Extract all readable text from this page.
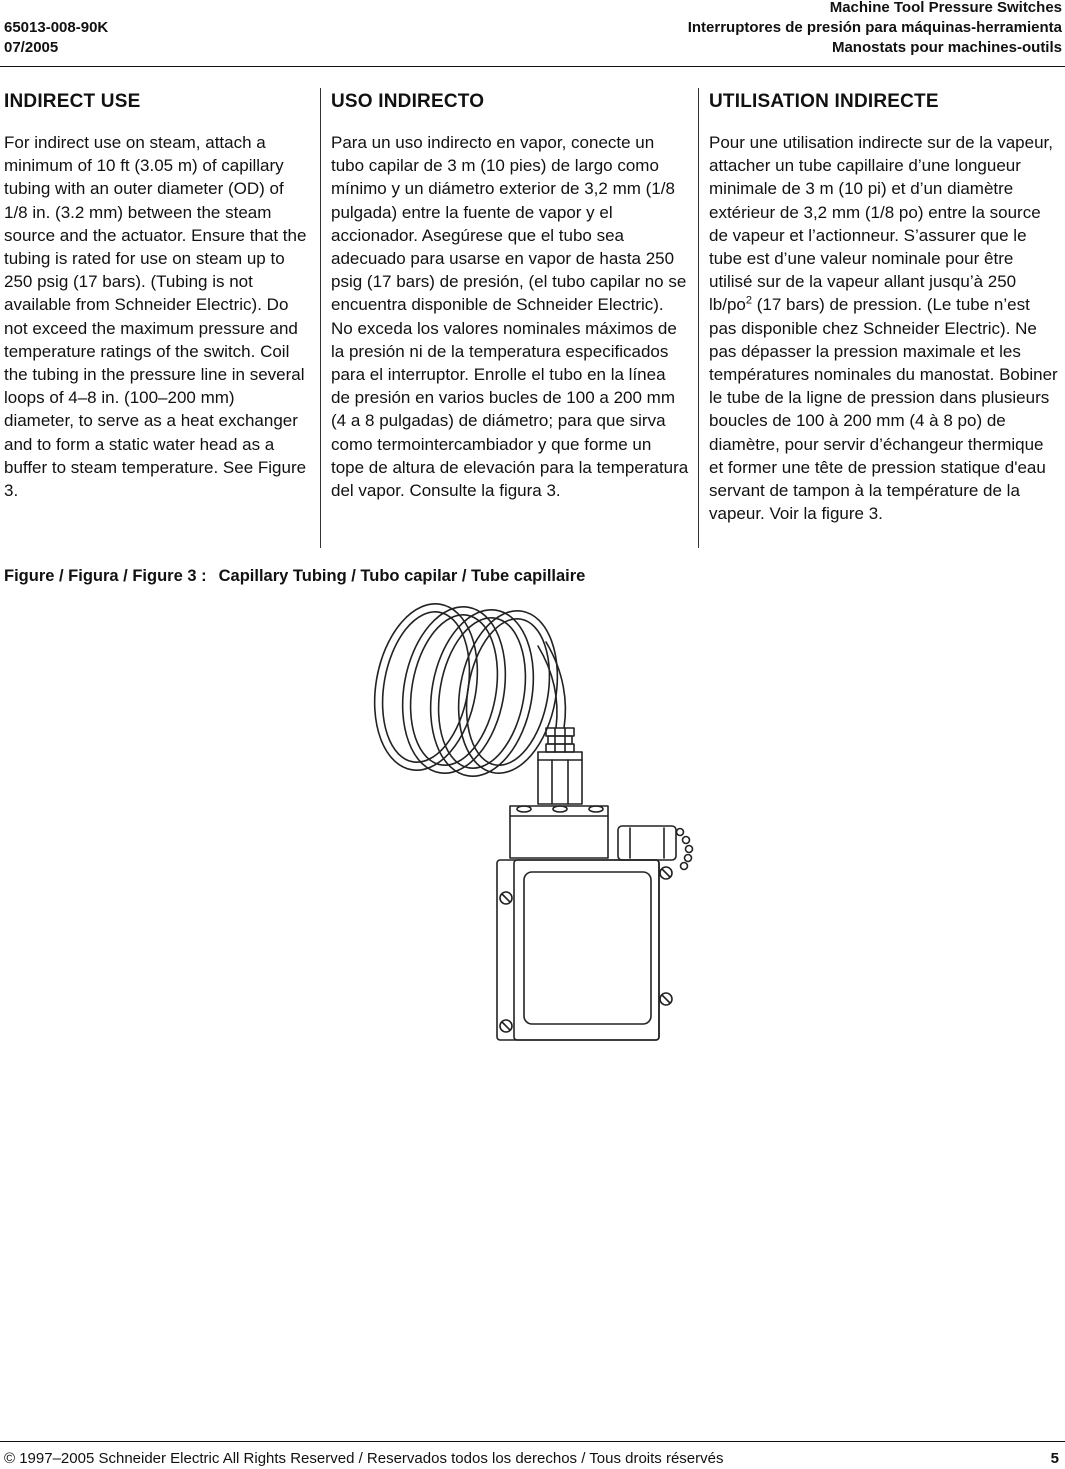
65013-008-90K
07/2005
Machine Tool Pressure Switches
Interruptores de presión para máquinas-herramienta
Manostats pour machines-outils
INDIRECT USE

For indirect use on steam, attach a minimum of 10 ft (3.05 m) of capillary tubing with an outer diameter (OD) of 1/8 in. (3.2 mm) between the steam source and the actuator. Ensure that the tubing is rated for use on steam up to 250 psig (17 bars). (Tubing is not available from Schneider Electric). Do not exceed the maximum pressure and temperature ratings of the switch. Coil the tubing in the pressure line in several loops of 4–8 in. (100–200 mm) diameter, to serve as a heat exchanger and to form a static water head as a buffer to steam temperature. See Figure 3.

USO INDIRECTO

Para un uso indirecto en vapor, conecte un tubo capilar de 3 m (10 pies) de largo como mínimo y un diámetro exterior de 3,2 mm (1/8 pulgada) entre la fuente de vapor y el accionador. Asegúrese que el tubo sea adecuado para usarse en vapor de hasta 250 psig (17 bars) de presión, (el tubo capilar no se encuentra disponible de Schneider Electric). No exceda los valores nominales máximos de la presión ni de la temperatura especificados para el interruptor. Enrolle el tubo en la línea de presión en varios bucles de 100 a 200 mm (4 a 8 pulgadas) de diámetro; para que sirva como termointercambiador y que forme un tope de altura de elevación para la temperatura del vapor. Consulte la figura 3.

UTILISATION INDIRECTE

Pour une utilisation indirecte sur de la vapeur, attacher un tube capillaire d’une longueur minimale de 3 m (10 pi) et d’un diamètre extérieur de 3,2 mm (1/8 po) entre la source de vapeur et l’actionneur. S’assurer que le tube est d’une valeur nominale pour être utilisé sur de la vapeur allant jusqu’à 250 $lb/po^2$ (17 bars) de pression. (Le tube n’est pas disponible chez Schneider Electric). Ne pas dépasser la pression maximale et les températures nominales du manostat. Bobiner le tube de la ligne de pression dans plusieurs boucles de 100 à 200 mm (4 à 8 po) de diamètre, pour servir d’échangeur thermique et former une tête de pression statique d'eau servant de tampon à la température de la vapeur. Voir la figure 3.

Figure / Figura / Figure 3 : Capillary Tubing / Tubo capilar / Tube capillaire
© 1997–2005 Schneider Electric All Rights Reserved / Reservados todos los derechos / Tous droits réservés	5
